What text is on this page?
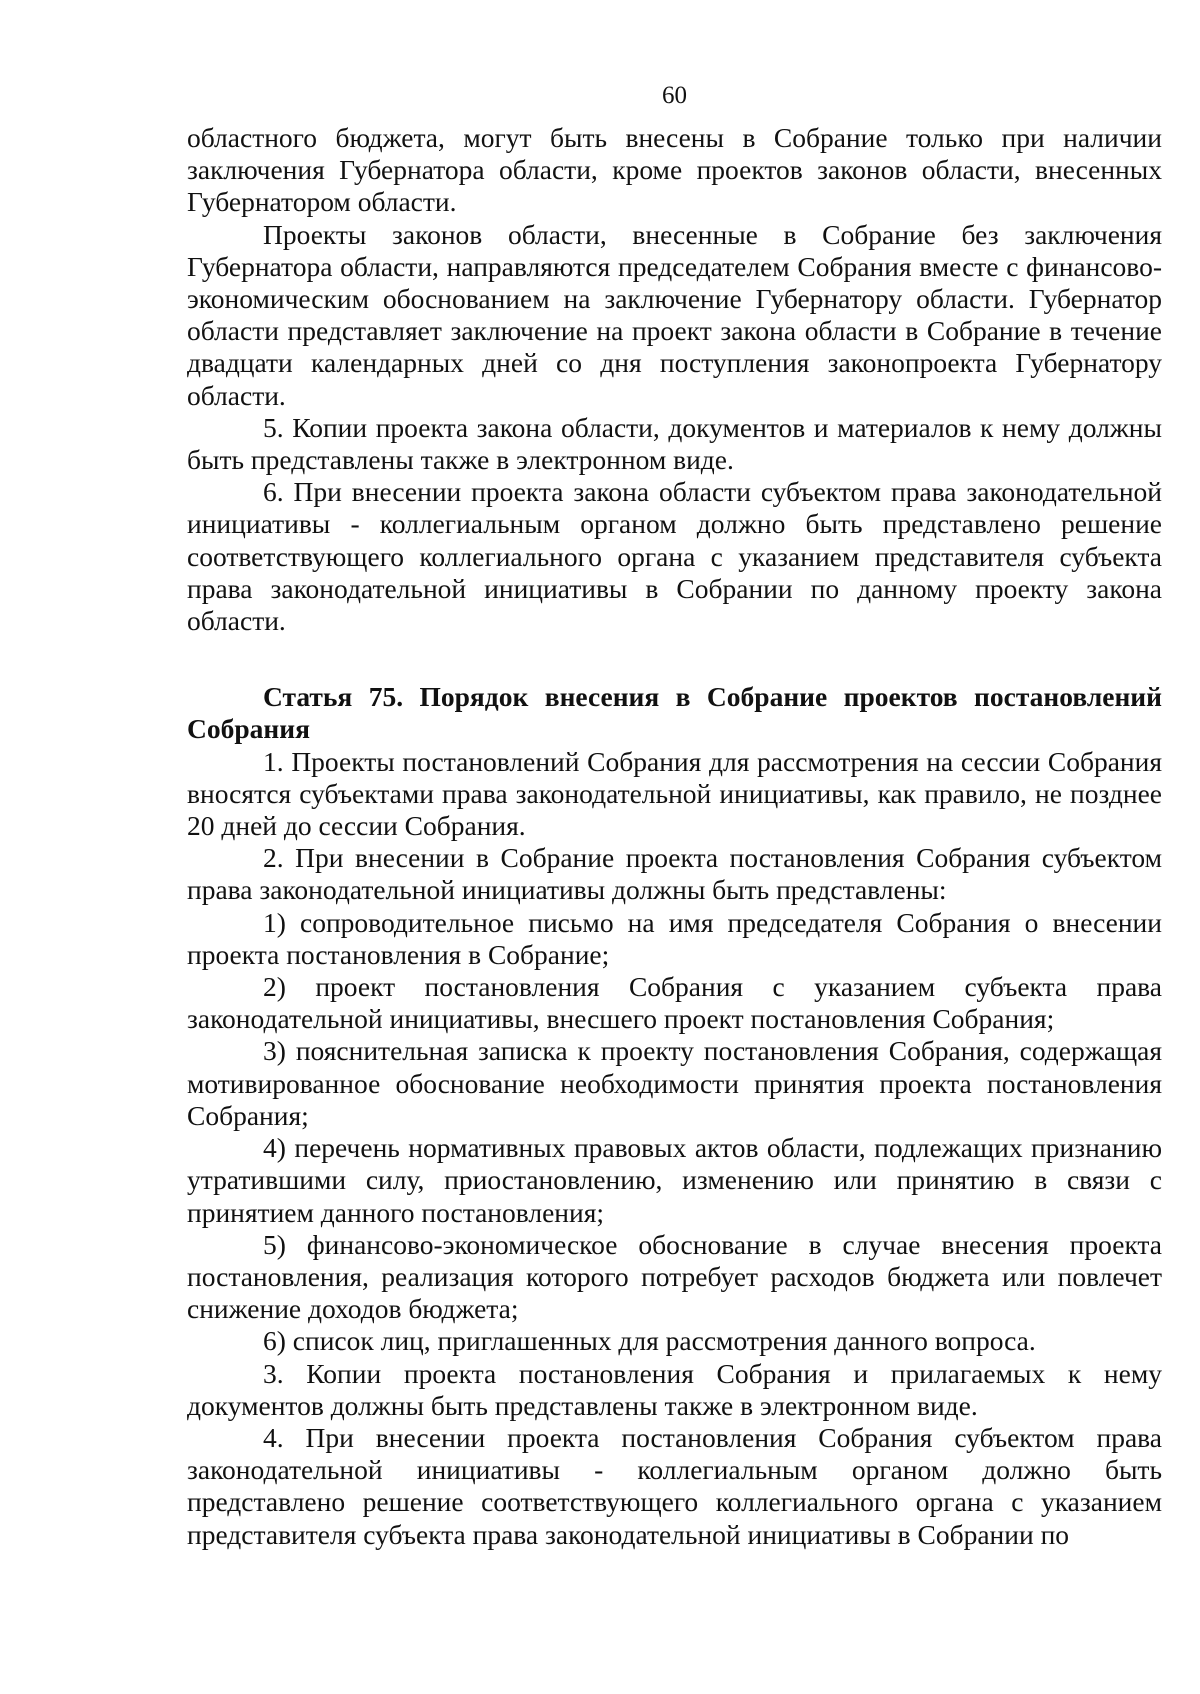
60

областного бюджета, могут быть внесены в Собрание только при наличии заключения Губернатора области, кроме проектов законов области, внесенных Губернатором области.

Проекты законов области, внесенные в Собрание без заключения Губернатора области, направляются председателем Собрания вместе с финансово-экономическим обоснованием на заключение Губернатору области. Губернатор области представляет заключение на проект закона области в Собрание в течение двадцати календарных дней со дня поступления законопроекта Губернатору области.

5. Копии проекта закона области, документов и материалов к нему должны быть представлены также в электронном виде.

6. При внесении проекта закона области субъектом права законодательной инициативы - коллегиальным органом должно быть представлено решение соответствующего коллегиального органа с указанием представителя субъекта права законодательной инициативы в Собрании по данному проекту закона области.

Статья 75. Порядок внесения в Собрание проектов постановлений Собрания

1. Проекты постановлений Собрания для рассмотрения на сессии Собрания вносятся субъектами права законодательной инициативы, как правило, не позднее 20 дней до сессии Собрания.

2. При внесении в Собрание проекта постановления Собрания субъектом права законодательной инициативы должны быть представлены:

1) сопроводительное письмо на имя председателя Собрания о внесении проекта постановления в Собрание;

2) проект постановления Собрания с указанием субъекта права законодательной инициативы, внесшего проект постановления Собрания;

3) пояснительная записка к проекту постановления Собрания, содержащая мотивированное обоснование необходимости принятия проекта постановления Собрания;

4) перечень нормативных правовых актов области, подлежащих признанию утратившими силу, приостановлению, изменению или принятию в связи с принятием данного постановления;

5) финансово-экономическое обоснование в случае внесения проекта постановления, реализация которого потребует расходов бюджета или повлечет снижение доходов бюджета;

6) список лиц, приглашенных для рассмотрения данного вопроса.

3. Копии проекта постановления Собрания и прилагаемых к нему документов должны быть представлены также в электронном виде.

4. При внесении проекта постановления Собрания субъектом права законодательной инициативы - коллегиальным органом должно быть представлено решение соответствующего коллегиального органа с указанием представителя субъекта права законодательной инициативы в Собрании по
